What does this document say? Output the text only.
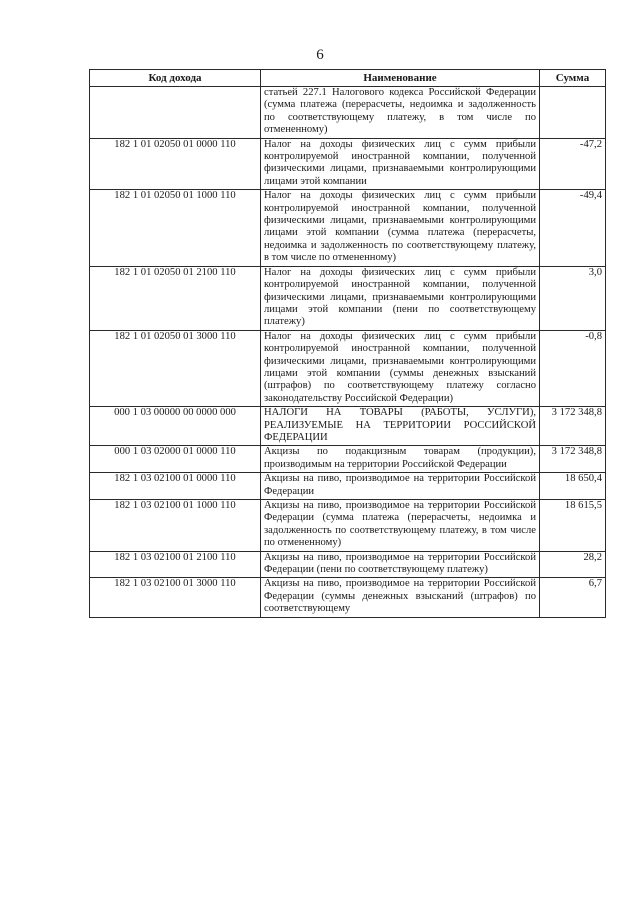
6
Код дохода	Наименование	Сумма
	статьей 227.1 Налогового кодекса Российской Федерации (сумма платежа (перерасчеты, недоимка и задолженность по соответствующему платежу, в том числе по отмененному)	
182 1 01 02050 01 0000 110	Налог на доходы физических лиц с сумм прибыли контролируемой иностранной компании, полученной физическими лицами, признаваемыми контролирующими лицами этой компании	-47,2
182 1 01 02050 01 1000 110	Налог на доходы физических лиц с сумм прибыли контролируемой иностранной компании, полученной физическими лицами, признаваемыми контролирующими лицами этой компании (сумма платежа (перерасчеты, недоимка и задолженность по соответствующему платежу, в том числе по отмененному)	-49,4
182 1 01 02050 01 2100 110	Налог на доходы физических лиц с сумм прибыли контролируемой иностранной компании, полученной физическими лицами, признаваемыми контролирующими лицами этой компании (пени по соответствующему платежу)	3,0
182 1 01 02050 01 3000 110	Налог на доходы физических лиц с сумм прибыли контролируемой иностранной компании, полученной физическими лицами, признаваемыми контролирующими лицами этой компании (суммы денежных взысканий (штрафов) по соответствующему платежу согласно законодательству Российской Федерации)	-0,8
000 1 03 00000 00 0000 000	НАЛОГИ НА ТОВАРЫ (РАБОТЫ, УСЛУГИ), РЕАЛИЗУЕМЫЕ НА ТЕРРИТОРИИ РОССИЙСКОЙ ФЕДЕРАЦИИ	3 172 348,8
000 1 03 02000 01 0000 110	Акцизы по подакцизным товарам (продукции), производимым на территории Российской Федерации	3 172 348,8
182 1 03 02100 01 0000 110	Акцизы на пиво, производимое на территории Российской Федерации	18 650,4
182 1 03 02100 01 1000 110	Акцизы на пиво, производимое на территории Российской Федерации (сумма платежа (перерасчеты, недоимка и задолженность по соответствующему платежу, в том числе по отмененному)	18 615,5
182 1 03 02100 01 2100 110	Акцизы на пиво, производимое на территории Российской Федерации (пени по соответствующему платежу)	28,2
182 1 03 02100 01 3000 110	Акцизы на пиво, производимое на территории Российской Федерации (суммы денежных взысканий (штрафов) по соответствующему	6,7
